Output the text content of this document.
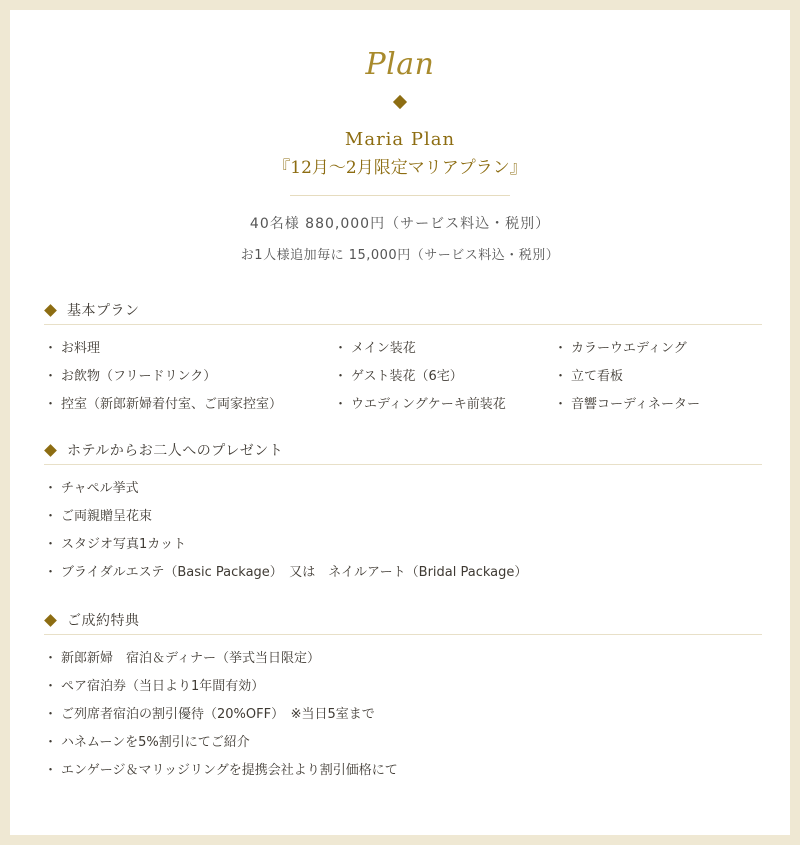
Plan
Maria Plan
『12月〜2月限定マリアプラン』
40名様 880,000円（サービス料込・税別）
お1人様追加毎に 15,000円（サービス料込・税別）
基本プラン
・ お料理
・ お飲物（フリードリンク）
・ 控室（新郎新婦着付室、ご両家控室）
・ メイン装花
・ ゲスト装花（6宅）
・ ウエディングケーキ前装花
・ カラーウエディング
・ 立て看板
・ 音響コーディネーター
ホテルからお二人へのプレゼント
・ チャペル挙式
・ ご両親贈呈花束
・ スタジオ写真1カット
・ ブライダルエステ（Basic Package）　又は　ネイルアート（Bridal Package）
ご成約特典
・ 新郎新婦　宿泊＆ディナー（挙式当日限定）
・ ペア宿泊券（当日より1年間有効）
・ ご列席者宿泊の割引優待（20%OFF）　※当日5室まで
・ ハネムーンを5%割引にてご紹介
・ エンゲージ＆マリッジリングを提携会社より割引価格にて
